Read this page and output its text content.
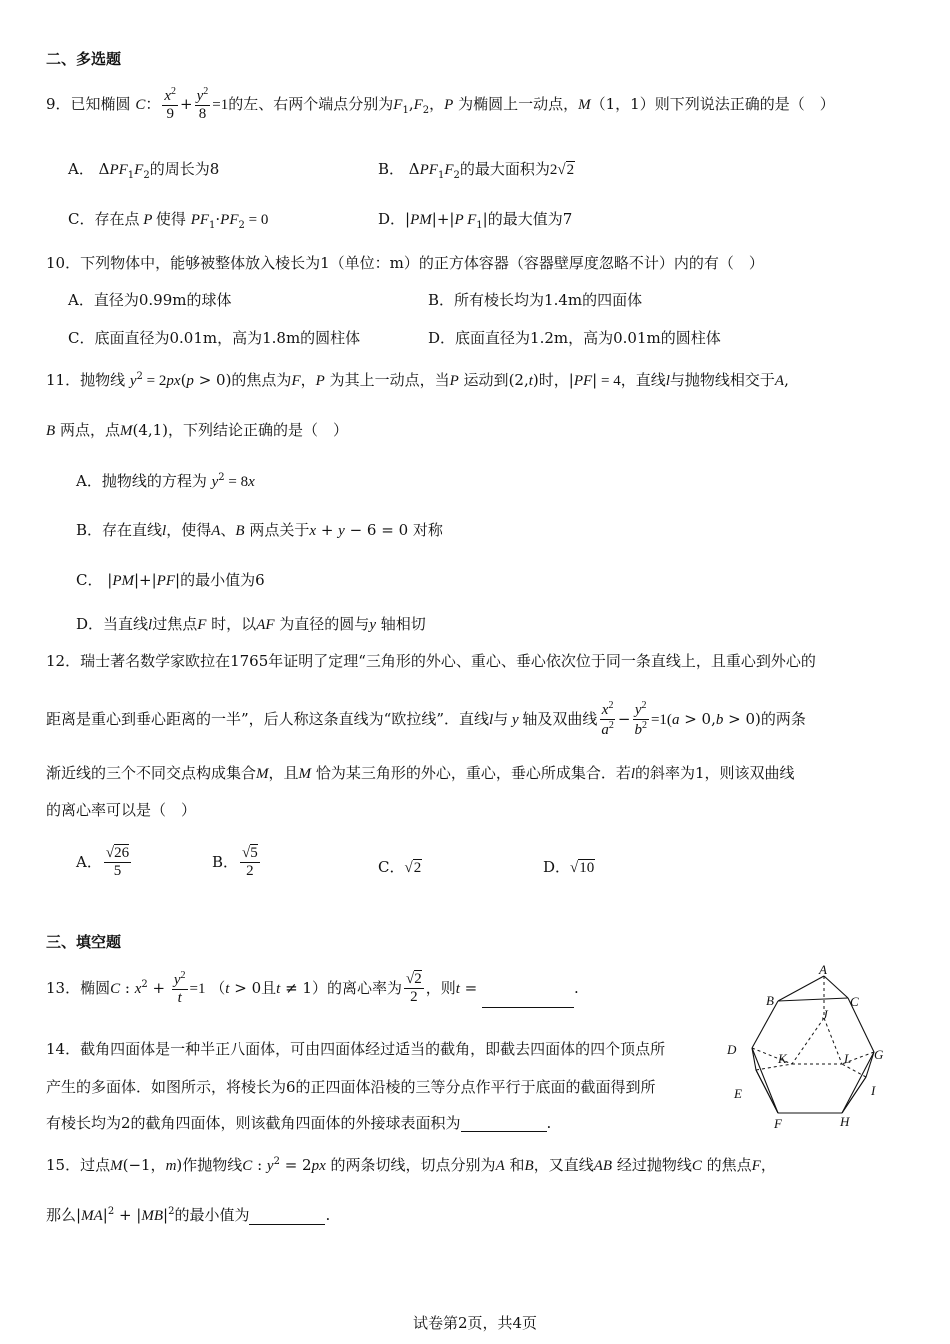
二、多选题
9．已知椭圆 C： $\frac{x^2}{9} + \frac{y^2}{8} =1$的左、右两个端点分别为$F_1,F_2$，P 为椭圆上一动点，M（1，1）则下列说法正确的是（　）
A． $\Delta PF_1F_2$的周长为8	B． $\Delta PF_1F_2$的最大面积为2√2
C．存在点 P 使得 $PF_1\cdot PF_2 = 0$	D．|PM|+|P $F_1|$的最大值为7
10．下列物体中，能够被整体放入棱长为1（单位：m）的正方体容器（容器壁厚度忽略不计）内的有（　）
A．直径为0.99m的球体	B．所有棱长均为1.4m的四面体
C．底面直径为0.01m，高为1.8m的圆柱体	D．底面直径为1.2m，高为0.01m的圆柱体
11．抛物线 $y^2 = 2px(p > 0)$的焦点为F，P 为其上一动点，当P 运动到(2,t)时，|PF| = 4，直线l与抛物线相交于A,
B 两点，点M(4,1)，下列结论正确的是（　）
A．抛物线的方程为 $y^2 = 8x$
B．存在直线l，使得A、B 两点关于x + y − 6 = 0 对称
C． |PM|+|PF|的最小值为6
D．当直线l过焦点F 时，以AF 为直径的圆与y 轴相切
12．瑞士著名数学家欧拉在1765年证明了定理“三角形的外心、重心、垂心依次位于同一条直线上，且重心到外心的
距离是重心到垂心距离的一半”，后人称这条直线为“欧拉线”．直线l与 y 轴及双曲线 $\frac{x^2}{a^2} - \frac{y^2}{b^2} =1(a > 0,b > 0)$的两条
渐近线的三个不同交点构成集合M，且M 恰为某三角形的外心，重心，垂心所成集合．若l的斜率为1，则该双曲线
的离心率可以是（　）
A． $\frac{√26}{5}$	B． $\frac{√5}{2}$	C．√2	D．√10
三、填空题
13．椭圆C : $x^2 + \frac{y^2}{t} =1$ （t > 0且t ≠ 1）的离心率为 $\frac{√2}{2}$ ，则t =	.
14．截角四面体是一种半正八面体，可由四面体经过适当的截角，即截去四面体的四个顶点所
产生的多面体．如图所示，将棱长为6的正四面体沿棱的三等分点作平行于底面的截面得到所
有棱长均为2的截角四面体，则该截角四面体的外接球表面积为	.
A
B	C
J
D
K	L G
E	I
F	H
15．过点M(−1，m)作抛物线C : $y^2 = 2px$ 的两条切线，切点分别为A 和B，又直线AB 经过抛物线C 的焦点F，
那么$|MA|^2 + |MB|^2$的最小值为	.
试卷第2页，共4页
